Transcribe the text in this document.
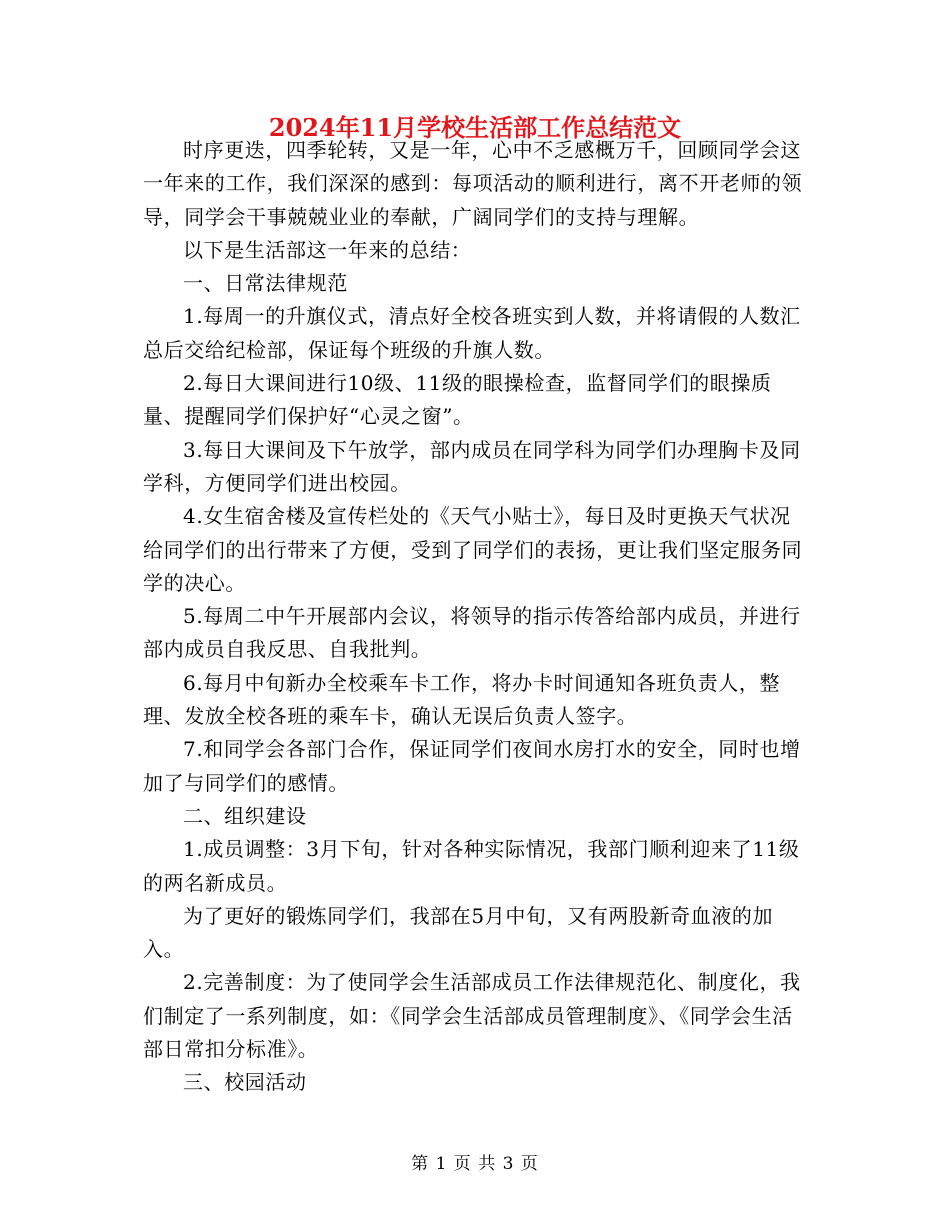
2024年11月学校生活部工作总结范文

时序更迭，四季轮转，又是一年，心中不乏感概万千，回顾同学会这一年来的工作，我们深深的感到：每项活动的顺利进行，离不开老师的领导，同学会干事兢兢业业的奉献，广阔同学们的支持与理解。

以下是生活部这一年来的总结：

一、日常法律规范

1.每周一的升旗仪式，清点好全校各班实到人数，并将请假的人数汇总后交给纪检部，保证每个班级的升旗人数。

2.每日大课间进行10级、11级的眼操检查，监督同学们的眼操质量、提醒同学们保护好“心灵之窗”。

3.每日大课间及下午放学，部内成员在同学科为同学们办理胸卡及同学科，方便同学们进出校园。

4.女生宿舍楼及宣传栏处的《天气小贴士》，每日及时更换天气状况给同学们的出行带来了方便，受到了同学们的表扬，更让我们坚定服务同学的决心。

5.每周二中午开展部内会议，将领导的指示传答给部内成员，并进行部内成员自我反思、自我批判。

6.每月中旬新办全校乘车卡工作，将办卡时间通知各班负责人，整理、发放全校各班的乘车卡，确认无误后负责人签字。

7.和同学会各部门合作，保证同学们夜间水房打水的安全，同时也增加了与同学们的感情。

二、组织建设

1.成员调整：3月下旬，针对各种实际情况，我部门顺利迎来了11级的两名新成员。

为了更好的锻炼同学们，我部在5月中旬，又有两股新奇血液的加入。

2.完善制度：为了使同学会生活部成员工作法律规范化、制度化，我们制定了一系列制度，如：《同学会生活部成员管理制度》、《同学会生活部日常扣分标准》。

三、校园活动

第 1 页 共 3 页
